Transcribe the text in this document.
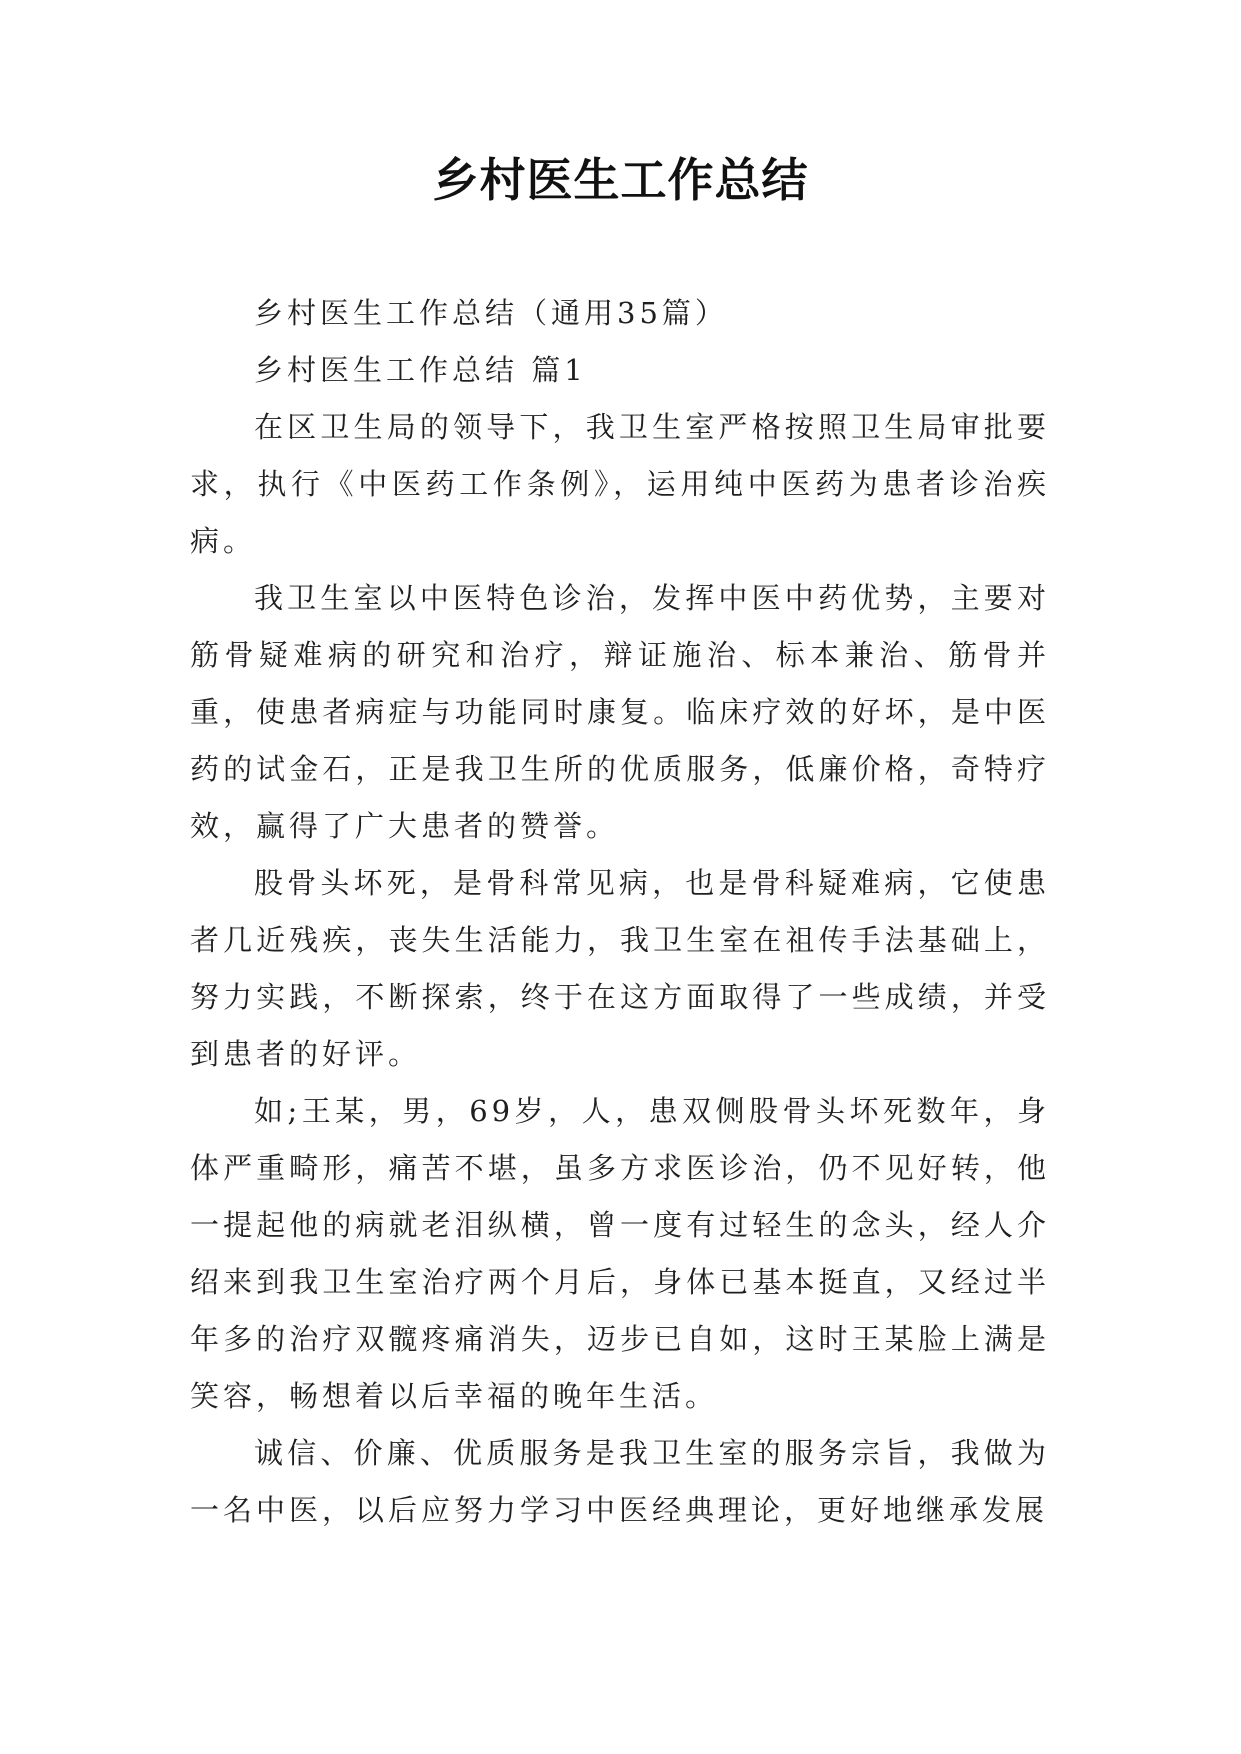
乡村医生工作总结

乡村医生工作总结（通用35篇）

乡村医生工作总结 篇1

在区卫生局的领导下，我卫生室严格按照卫生局审批要求，执行《中医药工作条例》，运用纯中医药为患者诊治疾病。

我卫生室以中医特色诊治，发挥中医中药优势，主要对筋骨疑难病的研究和治疗，辩证施治、标本兼治、筋骨并重，使患者病症与功能同时康复。临床疗效的好坏，是中医药的试金石，正是我卫生所的优质服务，低廉价格，奇特疗效，赢得了广大患者的赞誉。

股骨头坏死，是骨科常见病，也是骨科疑难病，它使患者几近残疾，丧失生活能力，我卫生室在祖传手法基础上，努力实践，不断探索，终于在这方面取得了一些成绩，并受到患者的好评。

如;王某，男，69岁，人，患双侧股骨头坏死数年，身体严重畸形，痛苦不堪，虽多方求医诊治，仍不见好转，他一提起他的病就老泪纵横，曾一度有过轻生的念头，经人介绍来到我卫生室治疗两个月后，身体已基本挺直，又经过半年多的治疗双髋疼痛消失，迈步已自如，这时王某脸上满是笑容，畅想着以后幸福的晚年生活。

诚信、价廉、优质服务是我卫生室的服务宗旨，我做为一名中医，以后应努力学习中医经典理论，更好地继承发展
